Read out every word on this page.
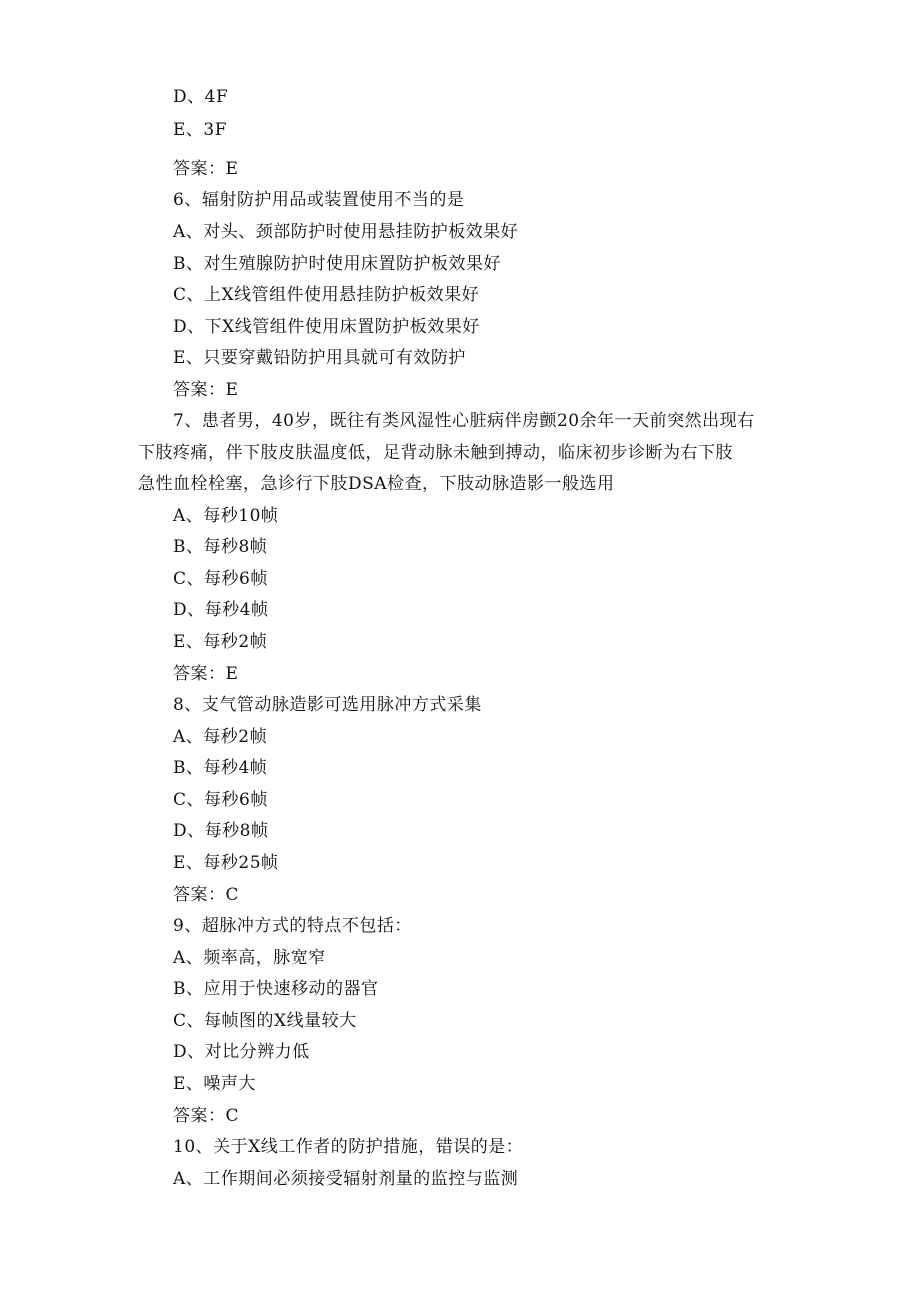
D、4F
E、3F
答案：E
6、辐射防护用品或装置使用不当的是
A、对头、颈部防护时使用悬挂防护板效果好
B、对生殖腺防护时使用床置防护板效果好
C、上X线管组件使用悬挂防护板效果好
D、下X线管组件使用床置防护板效果好
E、只要穿戴铅防护用具就可有效防护
答案：E
7、患者男，40岁，既往有类风湿性心脏病伴房颤20余年一天前突然出现右
下肢疼痛，伴下肢皮肤温度低，足背动脉未触到搏动，临床初步诊断为右下肢
急性血栓栓塞，急诊行下肢DSA检查，下肢动脉造影一般选用
A、每秒10帧
B、每秒8帧
C、每秒6帧
D、每秒4帧
E、每秒2帧
答案：E
8、支气管动脉造影可选用脉冲方式采集
A、每秒2帧
B、每秒4帧
C、每秒6帧
D、每秒8帧
E、每秒25帧
答案：C
9、超脉冲方式的特点不包括：
A、频率高，脉宽窄
B、应用于快速移动的器官
C、每帧图的X线量较大
D、对比分辨力低
E、噪声大
答案：C
10、关于X线工作者的防护措施，错误的是：
A、工作期间必须接受辐射剂量的监控与监测
